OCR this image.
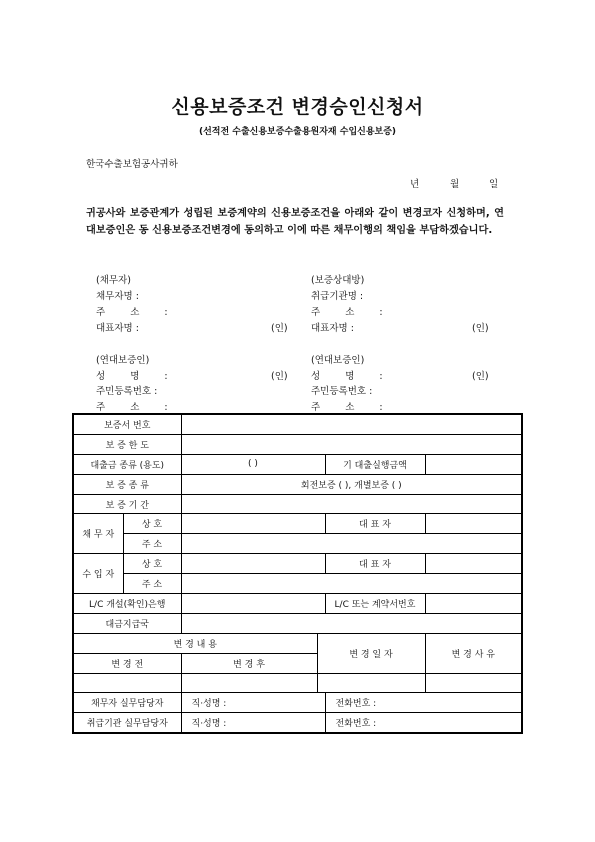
신용보증조건 변경승인신청서
(선적전 수출신용보증수출용원자재 수입신용보증)
한국수출보험공사귀하
년	월	일
귀공사와 보증관계가 성립된 보증계약의 신용보증조건을 아래와 같이 변경코자 신청하며, 연대보증인은 동 신용보증조건변경에 동의하고 이에 따른 채무이행의 책임을 부담하겠습니다.
(채무자)
채무자명 :
주 소 :
대표자명 :	(인)
(보증상대방)
취급기관명 :
주 소 :
대표자명 :	(인)
(연대보증인)
성 명 :	(인)
주민등록번호 :
주 소 :
(연대보증인)
성 명 :	(인)
주민등록번호 :
주 소 :
보증서 번호					
보 증 한 도					
대출금 종류 (용도)		( )		기 대출실행금액	
보 증 종 류		회전보증 ( ), 개별보증 ( )			
보 증 기 간					
채 무 자	상 호			대 표 자	
	주 소				
수 입 자	상 호			대 표 자	
	주 소				
L/C 개설(확인)은행				L/C 또는 계약서번호	
대금지급국					
변 경 내 용			변 경 일 자		변 경 사 유
변 경 전		변 경 후			

채무자 실무담당자		직·성명 :		전화번호 :	
취급기관 실무담당자		직·성명 :		전화번호 :	
